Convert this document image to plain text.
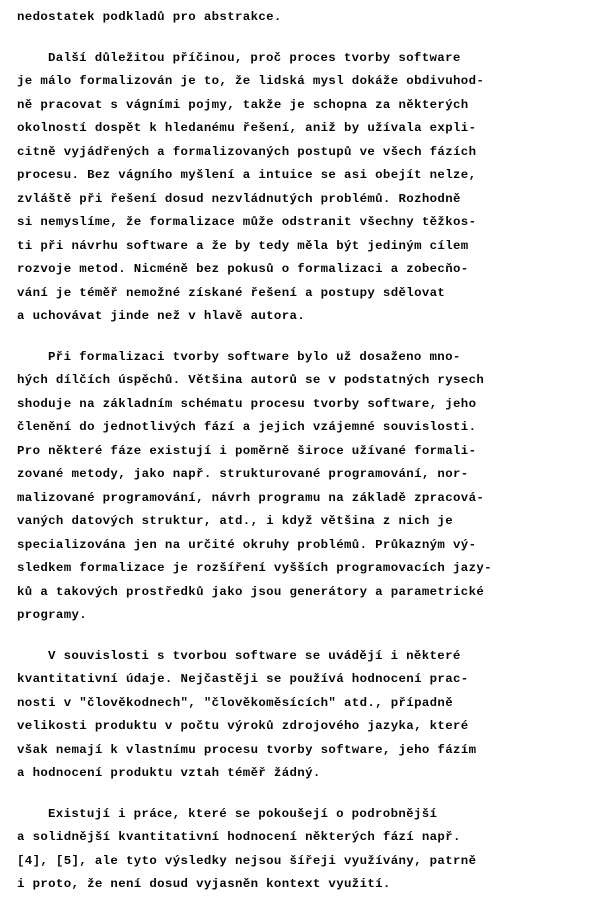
nedostatek podkladů pro abstrakce.
Další důležitou příčinou, proč proces tvorby software
je málo formalizován je to, že lidská mysl dokáže obdivuhod-
ně pracovat s vágními pojmy, takže je schopna za některých
okolností dospět k hledanému řešení, aniž by užívala expli-
citně vyjádřených a formalizovaných postupů ve všech fázích
procesu. Bez vágního myšlení a intuice se asi obejít nelze,
zvláště při řešení dosud nezvládnutých problémů. Rozhodně
si nemyslíme, že formalizace může odstranit všechny těžkos-
ti při návrhu software a že by tedy měla být jediným cílem
rozvoje metod. Nicméně bez pokusů o formalizaci a zobecňo-
vání je téměř nemožné získané řešení a postupy sdělovat
a uchovávat jinde než v hlavě autora.
Při formalizaci tvorby software bylo už dosaženo mno-
hých dílčích úspěchů. Většina autorů se v podstatných rysech
shoduje na základním schématu procesu tvorby software, jeho
členění do jednotlivých fází a jejich vzájemné souvislosti.
Pro některé fáze existují i poměrně široce užívané formali-
zované metody, jako např. strukturované programování, nor-
malizované programování, návrh programu na základě zpracová-
vaných datových struktur, atd., i když většina z nich je
specializována jen na určité okruhy problémů. Průkazným vý-
sledkem formalizace je rozšíření vyšších programovacích jazy-
ků a takových prostředků jako jsou generátory a parametrické
programy.
V souvislosti s tvorbou software se uvádějí i některé
kvantitativní údaje. Nejčastěji se používá hodnocení prac-
nosti v "člověkodnech", "člověkoměsících" atd., případně
velikosti produktu v počtu výroků zdrojového jazyka, které
však nemají k vlastnímu procesu tvorby software, jeho fázím
a hodnocení produktu vztah téměř žádný.
Existují i práce, které se pokoušejí o podrobnější
a solidnější kvantitativní hodnocení některých fází např.
[4], [5], ale tyto výsledky nejsou šířeji využívány, patrně
i proto, že není dosud vyjasněn kontext využití.
